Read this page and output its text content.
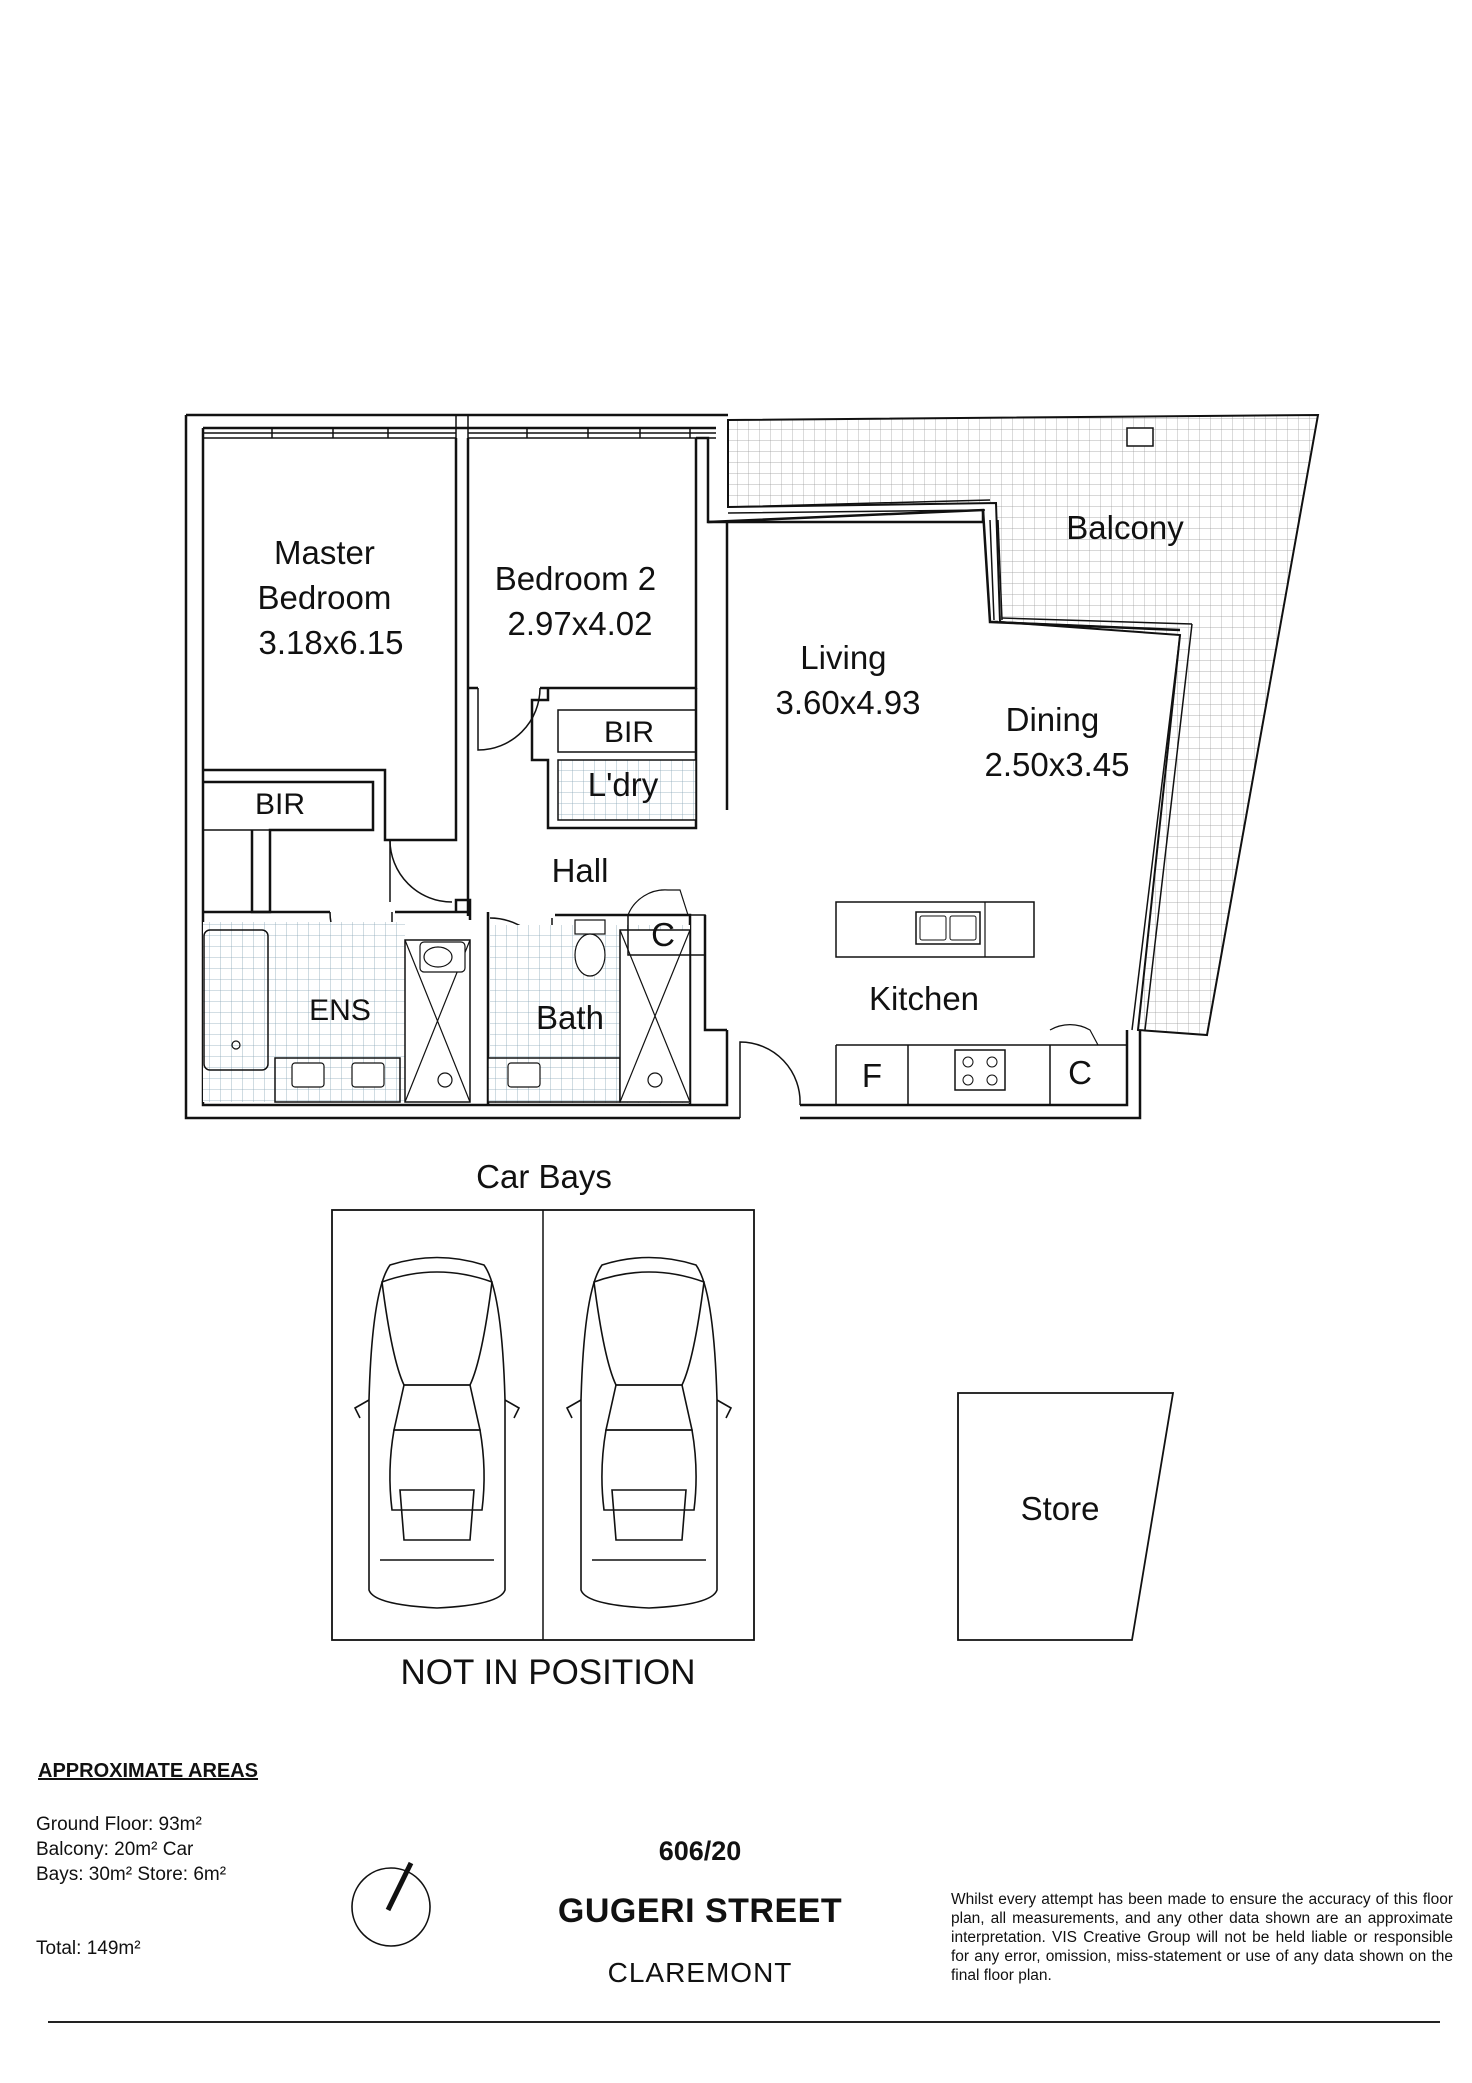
Master Bedroom 3.18x6.15
Bedroom 2 2.97x4.02
Living 3.60x4.93	Dining 2.50x3.45
Balcony
BIR
BIR
L'dry
Hall
C
ENS	Bath
Kitchen
F	C
Car Bays
NOT IN POSITION
Store
APPROXIMATE AREAS
Ground Floor: 93m² Balcony: 20m² Car Bays: 30m² Store: 6m²
Total: 149m²
606/20
GUGERI STREET
CLAREMONT
Whilst every attempt has been made to ensure the accuracy of this floor plan, all measurements, and any other data shown are an approximate interpretation. VIS Creative Group will not be held liable or responsible for any error, omission, miss-statement or use of any data shown on the final floor plan.
